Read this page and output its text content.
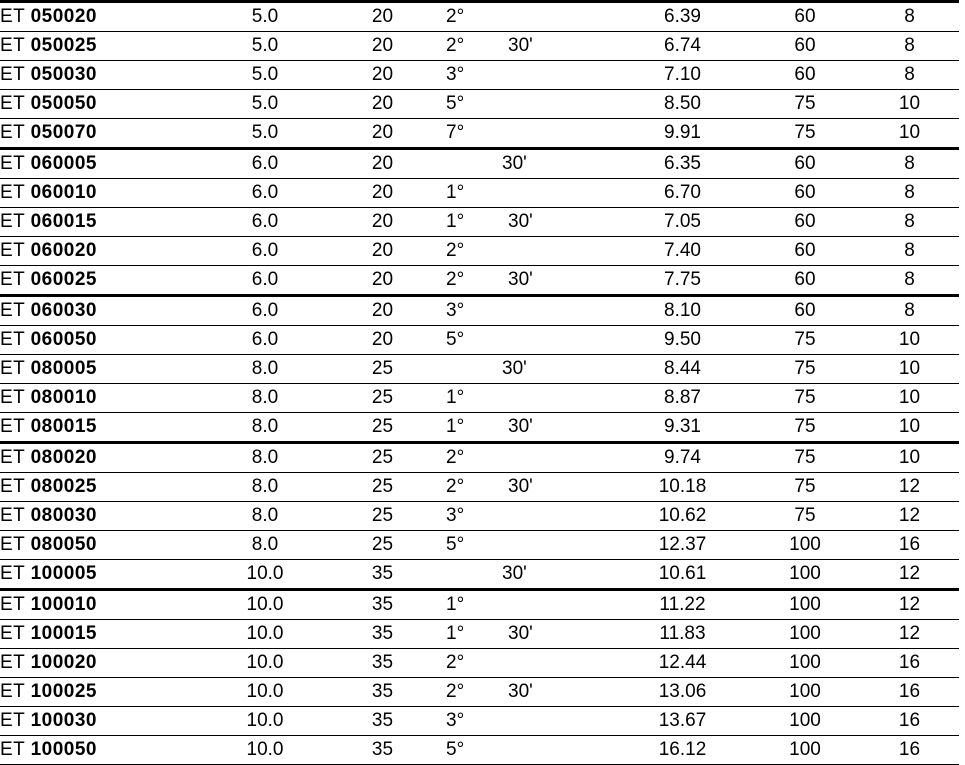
ET 050020	5.0	20	2°	6.39	60	8
ET 050025	5.0	20	2° 30'	6.74	60	8
ET 050030	5.0	20	3°	7.10	60	8
ET 050050	5.0	20	5°	8.50	75	10
ET 050070	5.0	20	7°	9.91	75	10
ET 060005	6.0	20	30'	6.35	60	8
ET 060010	6.0	20	1°	6.70	60	8
ET 060015	6.0	20	1° 30'	7.05	60	8
ET 060020	6.0	20	2°	7.40	60	8
ET 060025	6.0	20	2° 30'	7.75	60	8
ET 060030	6.0	20	3°	8.10	60	8
ET 060050	6.0	20	5°	9.50	75	10
ET 080005	8.0	25	30'	8.44	75	10
ET 080010	8.0	25	1°	8.87	75	10
ET 080015	8.0	25	1° 30'	9.31	75	10
ET 080020	8.0	25	2°	9.74	75	10
ET 080025	8.0	25	2° 30'	10.18	75	12
ET 080030	8.0	25	3°	10.62	75	12
ET 080050	8.0	25	5°	12.37	100	16
ET 100005	10.0	35	30'	10.61	100	12
ET 100010	10.0	35	1°	11.22	100	12
ET 100015	10.0	35	1° 30'	11.83	100	12
ET 100020	10.0	35	2°	12.44	100	16
ET 100025	10.0	35	2° 30'	13.06	100	16
ET 100030	10.0	35	3°	13.67	100	16
ET 100050	10.0	35	5°	16.12	100	16
